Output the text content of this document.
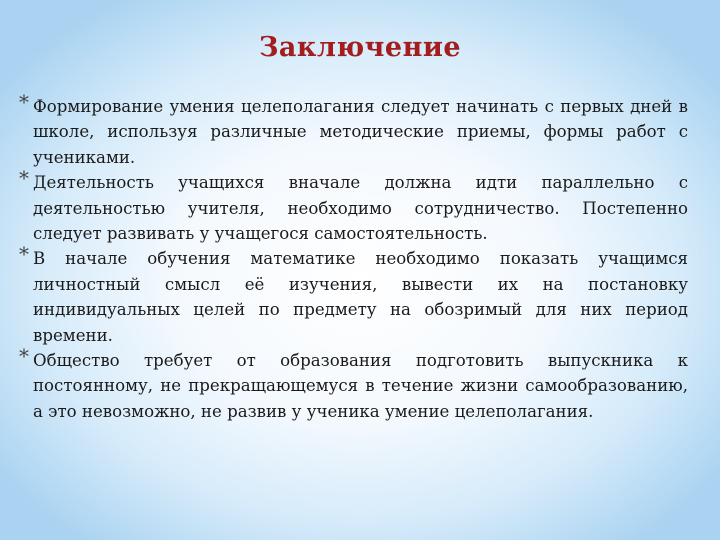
Заключение
* Формирование умения целеполагания следует начинать с первых дней в школе, используя различные методические приемы, формы работ с учениками.
* Деятельность учащихся вначале должна идти параллельно с деятельностью учителя, необходимо сотрудничество. Постепенно следует развивать у учащегося самостоятельность.
* В начале обучения математике необходимо показать учащимся личностный смысл её изучения, вывести их на постановку индивидуальных целей по предмету на обозримый для них период времени.
* Общество требует от образования подготовить выпускника к постоянному, не прекращающемуся в течение жизни самообразованию, а это невозможно, не развив у ученика умение целеполагания.
